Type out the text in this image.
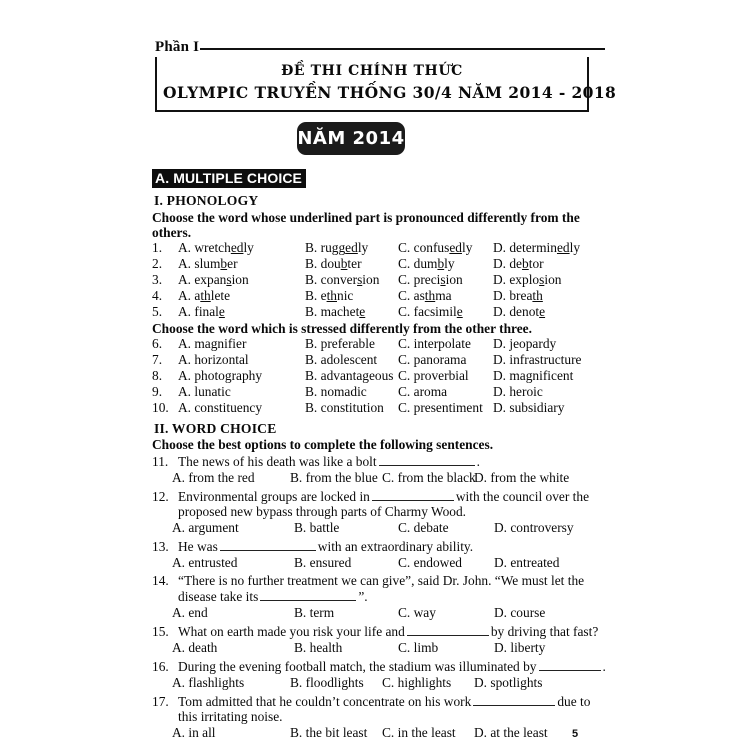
Phần I
ĐỀ THI CHÍNH THỨC
OLYMPIC TRUYỀN THỐNG 30/4 NĂM 2014 - 2018
NĂM 2014
A. MULTIPLE CHOICE
I. PHONOLOGY
Choose the word whose underlined part is pronounced differently from the others.
1.	A. wretchedly	B. ruggedly	C. confusedly	D. determinedly
2.	A. slumber	B. doubter	C. dumbly	D. debtor
3.	A. expansion	B. conversion	C. precision	D. explosion
4.	A. athlete	B. ethnic	C. asthma	D. breath
5.	A. finale	B. machete	C. facsimile	D. denote
Choose the word which is stressed differently from the other three.
6.	A. magnifier	B. preferable	C. interpolate	D. jeopardy
7.	A. horizontal	B. adolescent	C. panorama	D. infrastructure
8.	A. photography	B. advantageous C. proverbial	D. magnificent
9.	A. lunatic	B. nomadic	C. aroma	D. heroic
10. A. constituency	B. constitution	C. presentiment D. subsidiary
II. WORD CHOICE
Choose the best options to complete the following sentences.
11. The news of his death was like a bolt	.
A. from the red	B. from the blue C. from the black
D. from the white
12. Environmental groups are locked in	with the council over the
proposed new bypass through parts of Charmy Wood.
A. argument	B. battle	C. debate	D. controversy
13. He was	with an extraordinary ability.
A. entrusted	B. ensured	C. endowed	D. entreated
14. “There is no further treatment we can give”, said Dr. John. “We must let the
disease take its	”.
A. end	B. term	C. way	D. course
15. What on earth made you risk your life and	by driving that fast?
A. death	B. health	C. limb	D. liberty
16. During the evening football match, the stadium was illuminated by	.
A. flashlights	B. floodlights	C. highlights	D. spotlights
17. Tom admitted that he couldn’t concentrate on his work	due to
this irritating noise.
A. in all	B. the bit least	C. in the least	D. at the least	5
